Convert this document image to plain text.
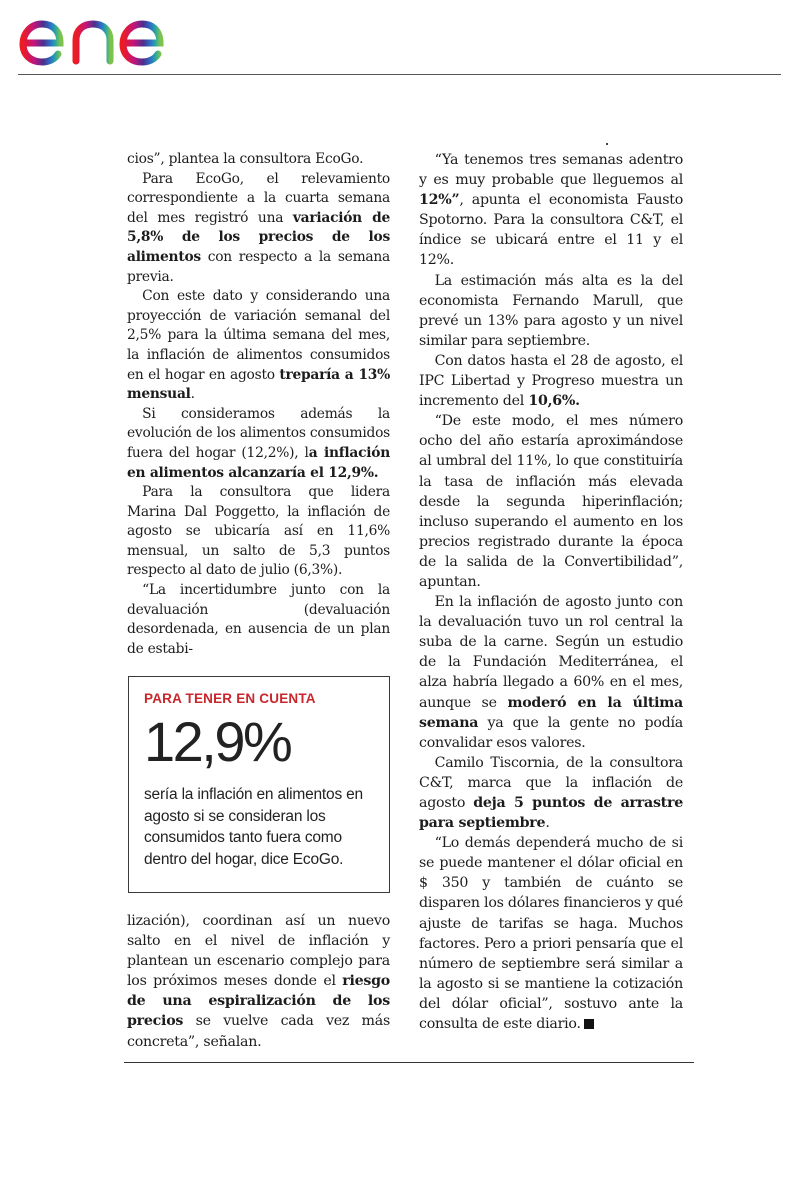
cios”, plantea la consultora EcoGo.

Para EcoGo, el relevamiento correspondiente a la cuarta semana del mes registró una variación de 5,8% de los precios de los alimentos con respecto a la semana previa.

Con este dato y considerando una proyección de variación semanal del 2,5% para la última semana del mes, la inflación de alimentos consumidos en el hogar en agosto treparía a 13% mensual.

Si consideramos además la evolución de los alimentos consumidos fuera del hogar (12,2%), la inflación en alimentos alcanzaría el 12,9%.

Para la consultora que lidera Marina Dal Poggetto, la inflación de agosto se ubicaría así en 11,6% mensual, un salto de 5,3 puntos respecto al dato de julio (6,3%).

“La incertidumbre junto con la devaluación (devaluación desordenada, en ausencia de un plan de estabi-

PARA TENER EN CUENTA
12,9%
sería la inflación en alimentos en agosto si se consideran los consumidos tanto fuera como dentro del hogar, dice EcoGo.

lización), coordinan así un nuevo salto en el nivel de inflación y plantean un escenario complejo para los próximos meses donde el riesgo de una espiralización de los precios se vuelve cada vez más concreta”, señalan.

“Ya tenemos tres semanas adentro y es muy probable que lleguemos al 12%”, apunta el economista Fausto Spotorno. Para la consultora C&T, el índice se ubicará entre el 11 y el 12%.

La estimación más alta es la del economista Fernando Marull, que prevé un 13% para agosto y un nivel similar para septiembre.

Con datos hasta el 28 de agosto, el IPC Libertad y Progreso muestra un incremento del 10,6%.

“De este modo, el mes número ocho del año estaría aproximándose al umbral del 11%, lo que constituiría la tasa de inflación más elevada desde la segunda hiperinflación; incluso superando el aumento en los precios registrado durante la época de la salida de la Convertibilidad”, apuntan.

En la inflación de agosto junto con la devaluación tuvo un rol central la suba de la carne. Según un estudio de la Fundación Mediterránea, el alza habría llegado a 60% en el mes, aunque se moderó en la última semana ya que la gente no podía convalidar esos valores.

Camilo Tiscornia, de la consultora C&T, marca que la inflación de agosto deja 5 puntos de arrastre para septiembre.

“Lo demás dependerá mucho de si se puede mantener el dólar oficial en $ 350 y también de cuánto se disparen los dólares financieros y qué ajuste de tarifas se haga. Muchos factores. Pero a priori pensaría que el número de septiembre será similar a la agosto si se mantiene la cotización del dólar oficial”, sostuvo ante la consulta de este diario.
